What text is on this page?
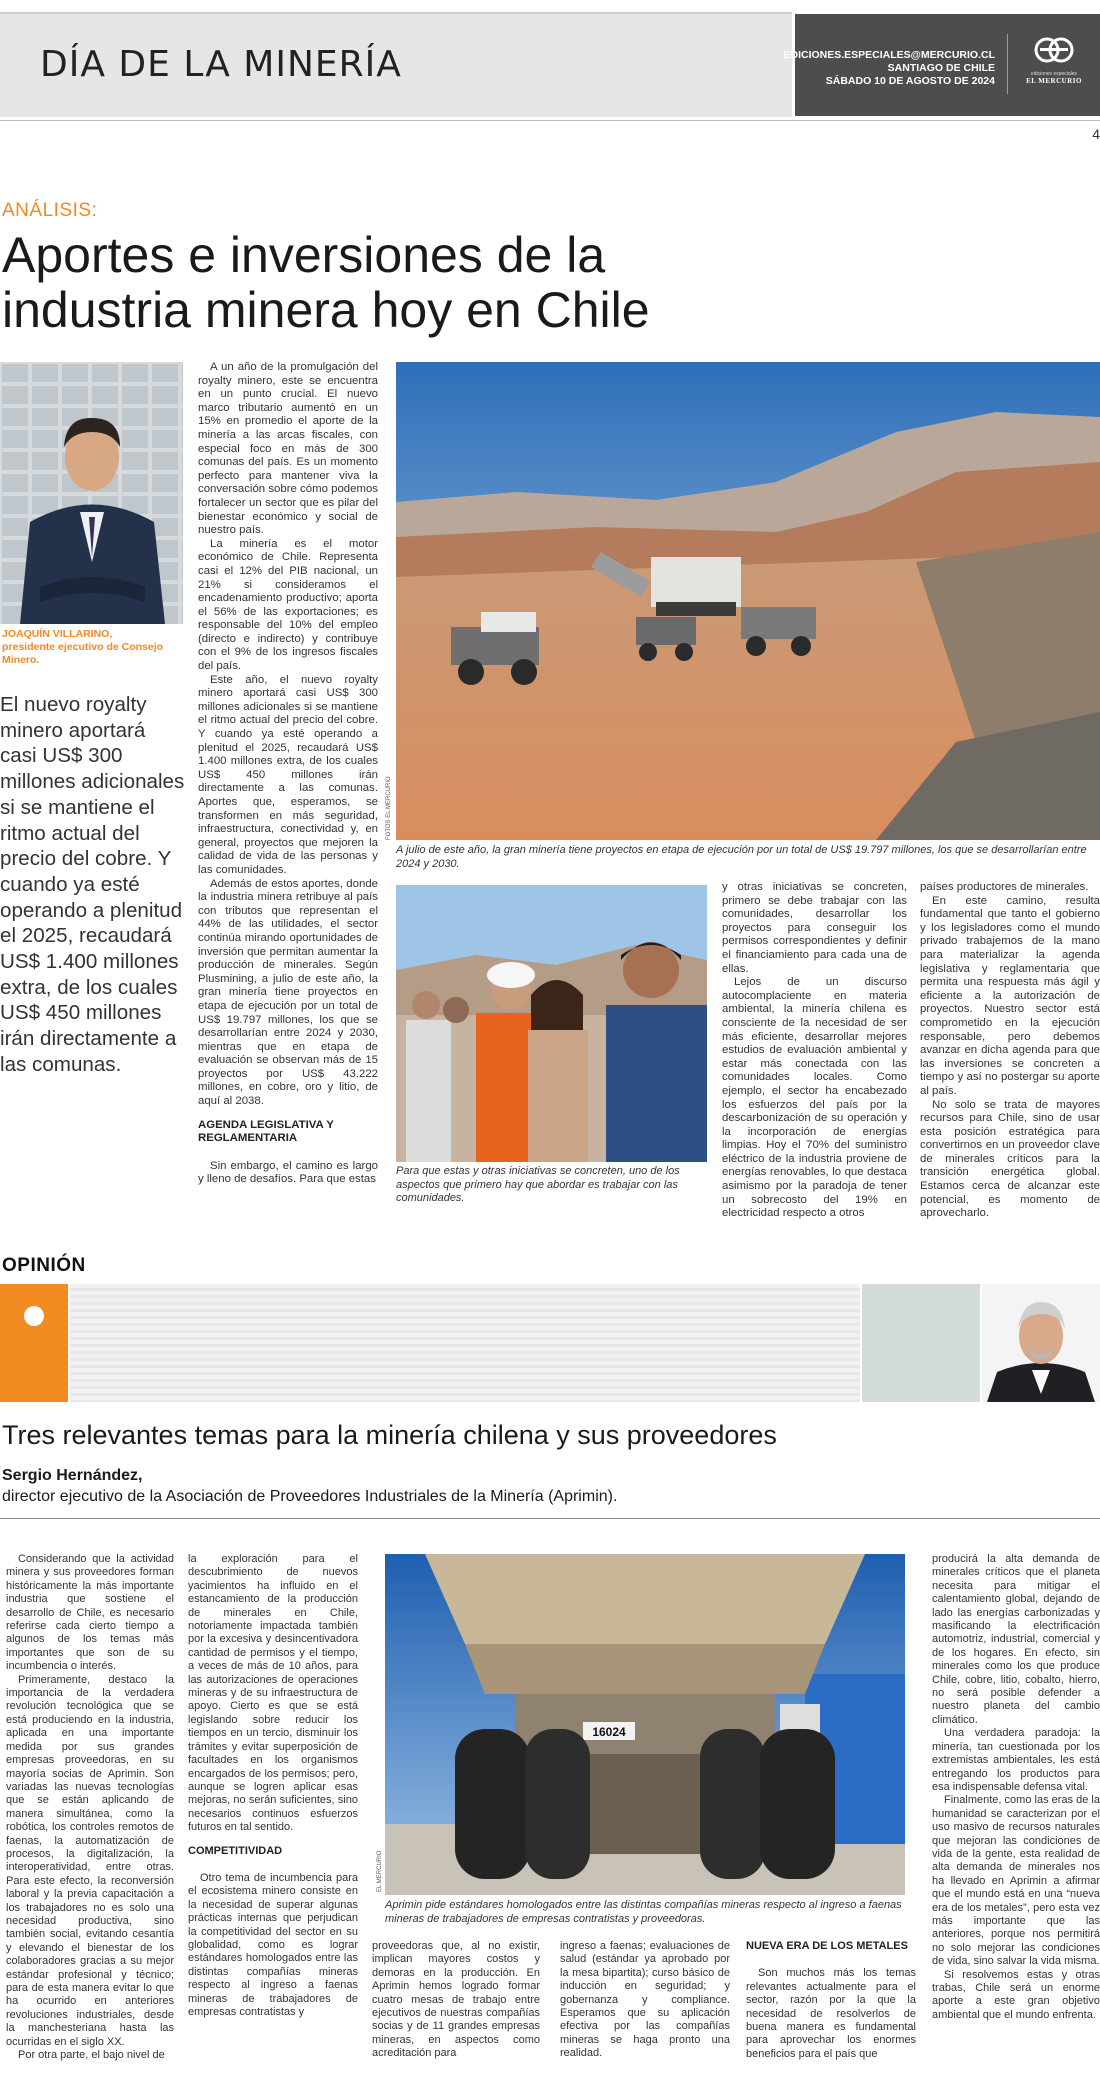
DÍA DE LA MINERÍA	EDICIONES.ESPECIALES@MERCURIO.CL
SANTIAGO DE CHILE
SÁBADO 10 DE AGOSTO DE 2024
ediciones especiales
EL MERCURIO
4
ANÁLISIS:
Aportes e inversiones de la industria minera hoy en Chile
JOAQUÍN VILLARINO,
presidente ejecutivo de Consejo Minero.
El nuevo royalty minero aportará casi US$ 300 millones adicionales si se mantiene el ritmo actual del precio del cobre. Y cuando ya esté operando a plenitud el 2025, recaudará US$ 1.400 millones extra, de los cuales US$ 450 millones irán directamente a las comunas.

A un año de la promulgación del royalty minero, este se encuentra en un punto crucial. El nuevo marco tributario aumentó en un 15% en promedio el aporte de la minería a las arcas fiscales, con especial foco en más de 300 comunas del país. Es un momento perfecto para mantener viva la conversación sobre cómo podemos fortalecer un sector que es pilar del bienestar económico y social de nuestro país.

La minería es el motor económico de Chile. Representa casi el 12% del PIB nacional, un 21% si consideramos el encadenamiento productivo; aporta el 56% de las exportaciones; es responsable del 10% del empleo (directo e indirecto) y contribuye con el 9% de los ingresos fiscales del país.

Este año, el nuevo royalty minero aportará casi US$ 300 millones adicionales si se mantiene el ritmo actual del precio del cobre. Y cuando ya esté operando a plenitud el 2025, recaudará US$ 1.400 millones extra, de los cuales US$ 450 millones irán directamente a las comunas. Aportes que, esperamos, se transformen en más seguridad, infraestructura, conectividad y, en general, proyectos que mejoren la calidad de vida de las personas y las comunidades.

Además de estos aportes, donde la industria minera retribuye al país con tributos que representan el 44% de las utilidades, el sector continúa mirando oportunidades de inversión que permitan aumentar la producción de minerales. Según Plusmining, a julio de este año, la gran minería tiene proyectos en etapa de ejecución por un total de US$ 19.797 millones, los que se desarrollarían entre 2024 y 2030, mientras que en etapa de evaluación se observan más de 15 proyectos por US$ 43.222 millones, en cobre, oro y litio, de aquí al 2038.

AGENDA LEGISLATIVA Y REGLAMENTARIA

Sin embargo, el camino es largo y lleno de desafíos. Para que estas

FOTOS EL MERCURIO
A julio de este año, la gran minería tiene proyectos en etapa de ejecución por un total de US$ 19.797 millones, los que se desarrollarían entre 2024 y 2030.
Para que estas y otras iniciativas se concreten, uno de los aspectos que primero hay que abordar es trabajar con las comunidades.

y otras iniciativas se concreten, primero se debe trabajar con las comunidades, desarrollar los proyectos para conseguir los permisos correspondientes y definir el financiamiento para cada una de ellas.

Lejos de un discurso autocomplaciente en materia ambiental, la minería chilena es consciente de la necesidad de ser más eficiente, desarrollar mejores estudios de evaluación ambiental y estar más conectada con las comunidades locales. Como ejemplo, el sector ha encabezado los esfuerzos del país por la descarbonización de su operación y la incorporación de energías limpias. Hoy el 70% del suministro eléctrico de la industria proviene de energías renovables, lo que destaca asimismo por la paradoja de tener un sobrecosto del 19% en electricidad respecto a otros

países productores de minerales.

En este camino, resulta fundamental que tanto el gobierno y los legisladores como el mundo privado trabajemos de la mano para materializar la agenda legislativa y reglamentaria que permita una respuesta más ágil y eficiente a la autorización de proyectos. Nuestro sector está comprometido en la ejecución responsable, pero debemos avanzar en dicha agenda para que las inversiones se concreten a tiempo y así no postergar su aporte al país.

No solo se trata de mayores recursos para Chile, sino de usar esta posición estratégica para convertirnos en un proveedor clave de minerales críticos para la transición energética global. Estamos cerca de alcanzar este potencial, es momento de aprovecharlo.

OPINIÓN
Tres relevantes temas para la minería chilena y sus proveedores
Sergio Hernández,
director ejecutivo de la Asociación de Proveedores Industriales de la Minería (Aprimin).

Considerando que la actividad minera y sus proveedores forman históricamente la más importante industria que sostiene el desarrollo de Chile, es necesario referirse cada cierto tiempo a algunos de los temas más importantes que son de su incumbencia o interés.

Primeramente, destaco la importancia de la verdadera revolución tecnológica que se está produciendo en la industria, aplicada en una importante medida por sus grandes empresas proveedoras, en su mayoría socias de Aprimin. Son variadas las nuevas tecnologías que se están aplicando de manera simultánea, como la robótica, los controles remotos de faenas, la automatización de procesos, la digitalización, la interoperatividad, entre otras. Para este efecto, la reconversión laboral y la previa capacitación a los trabajadores no es solo una necesidad productiva, sino también social, evitando cesantía y elevando el bienestar de los colaboradores gracias a su mejor estándar profesional y técnico; para de esta manera evitar lo que ha ocurrido en anteriores revoluciones industriales, desde la manchesteriana hasta las ocurridas en el siglo XX.

Por otra parte, el bajo nivel de

la exploración para el descubrimiento de nuevos yacimientos ha influido en el estancamiento de la producción de minerales en Chile, notoriamente impactada también por la excesiva y desincentivadora cantidad de permisos y el tiempo, a veces de más de 10 años, para las autorizaciones de operaciones mineras y de su infraestructura de apoyo. Cierto es que se está legislando sobre reducir los tiempos en un tercio, disminuir los trámites y evitar superposición de facultades en los organismos encargados de los permisos; pero, aunque se logren aplicar esas mejoras, no serán suficientes, sino necesarios continuos esfuerzos futuros en tal sentido.

COMPETITIVIDAD

Otro tema de incumbencia para el ecosistema minero consiste en la necesidad de superar algunas prácticas internas que perjudican la competitividad del sector en su globalidad, como es lograr estándares homologados entre las distintas compañías mineras respecto al ingreso a faenas mineras de trabajadores de empresas contratistas y

16024
EL MERCURIO
Aprimin pide estándares homologados entre las distintas compañías mineras respecto al ingreso a faenas mineras de trabajadores de empresas contratistas y proveedoras.

proveedoras que, al no existir, implican mayores costos y demoras en la producción. En Aprimin hemos logrado formar cuatro mesas de trabajo entre ejecutivos de nuestras compañías socias y de 11 grandes empresas mineras, en aspectos como acreditación para

ingreso a faenas; evaluaciones de salud (estándar ya aprobado por la mesa bipartita); curso básico de inducción en seguridad; y gobernanza y compliance. Esperamos que su aplicación efectiva por las compañías mineras se haga pronto una realidad.

NUEVA ERA DE LOS METALES

Son muchos más los temas relevantes actualmente para el sector, razón por la que la necesidad de resolverlos de buena manera es fundamental para aprovechar los enormes beneficios para el país que

producirá la alta demanda de minerales críticos que el planeta necesita para mitigar el calentamiento global, dejando de lado las energías carbonizadas y masificando la electrificación automotriz, industrial, comercial y de los hogares. En efecto, sin minerales como los que produce Chile, cobre, litio, cobalto, hierro, no será posible defender a nuestro planeta del cambio climático.

Una verdadera paradoja: la minería, tan cuestionada por los extremistas ambientales, les está entregando los productos para esa indispensable defensa vital.

Finalmente, como las eras de la humanidad se caracterizan por el uso masivo de recursos naturales que mejoran las condiciones de vida de la gente, esta realidad de alta demanda de minerales nos ha llevado en Aprimin a afirmar que el mundo está en una “nueva era de los metales”, pero esta vez más importante que las anteriores, porque nos permitirá no solo mejorar las condiciones de vida, sino salvar la vida misma.

Si resolvemos estas y otras trabas, Chile será un enorme aporte a este gran objetivo ambiental que el mundo enfrenta.
